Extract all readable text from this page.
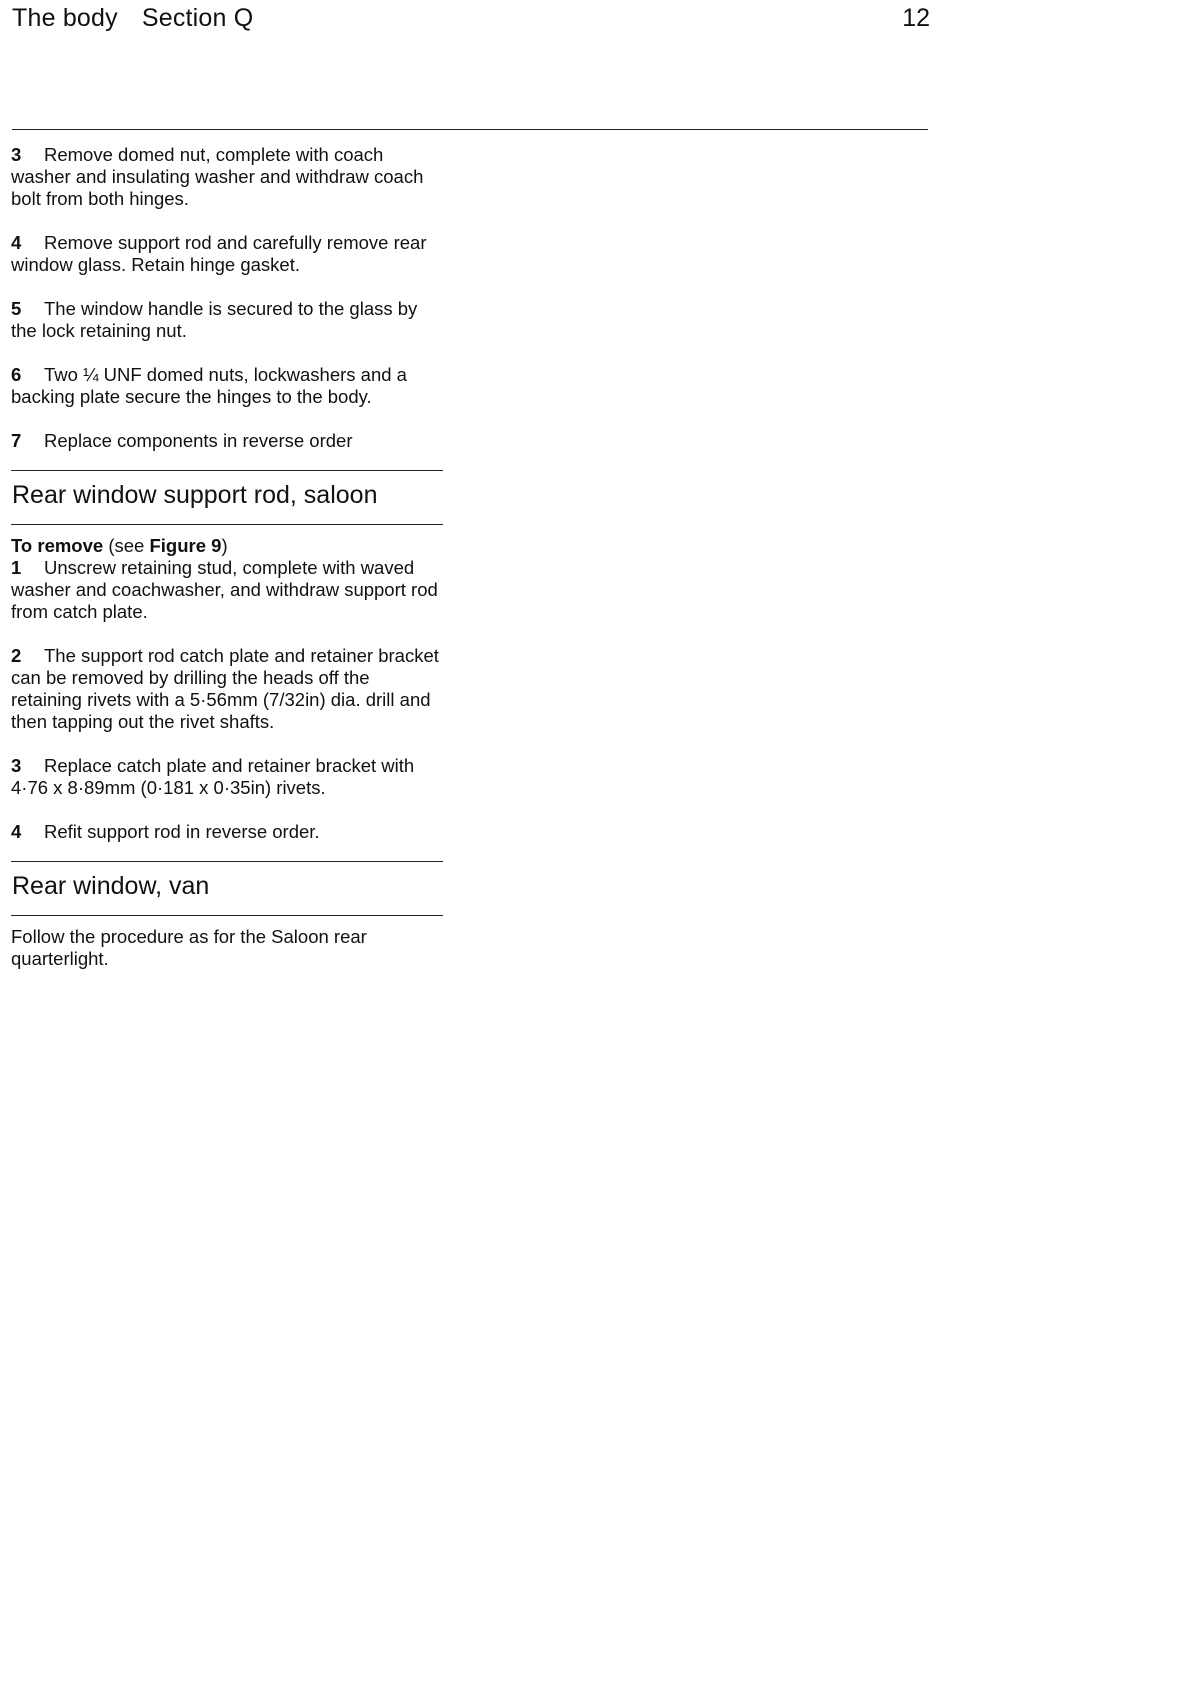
The body Section Q	12

3 Remove domed nut, complete with coach washer and insulating washer and withdraw coach bolt from both hinges.

4 Remove support rod and carefully remove rear window glass. Retain hinge gasket.

5 The window handle is secured to the glass by the lock retaining nut.

6 Two ¼ UNF domed nuts, lockwashers and a backing plate secure the hinges to the body.

7 Replace components in reverse order

Rear window support rod, saloon

To remove (see Figure 9)

1 Unscrew retaining stud, complete with waved washer and coachwasher, and withdraw support rod from catch plate.

2 The support rod catch plate and retainer bracket can be removed by drilling the heads off the retaining rivets with a 5·56mm (7/32in) dia. drill and then tapping out the rivet shafts.

3 Replace catch plate and retainer bracket with 4·76 x 8·89mm (0·181 x 0·35in) rivets.

4 Refit support rod in reverse order.

Rear window, van

Follow the procedure as for the Saloon rear quarterlight.
